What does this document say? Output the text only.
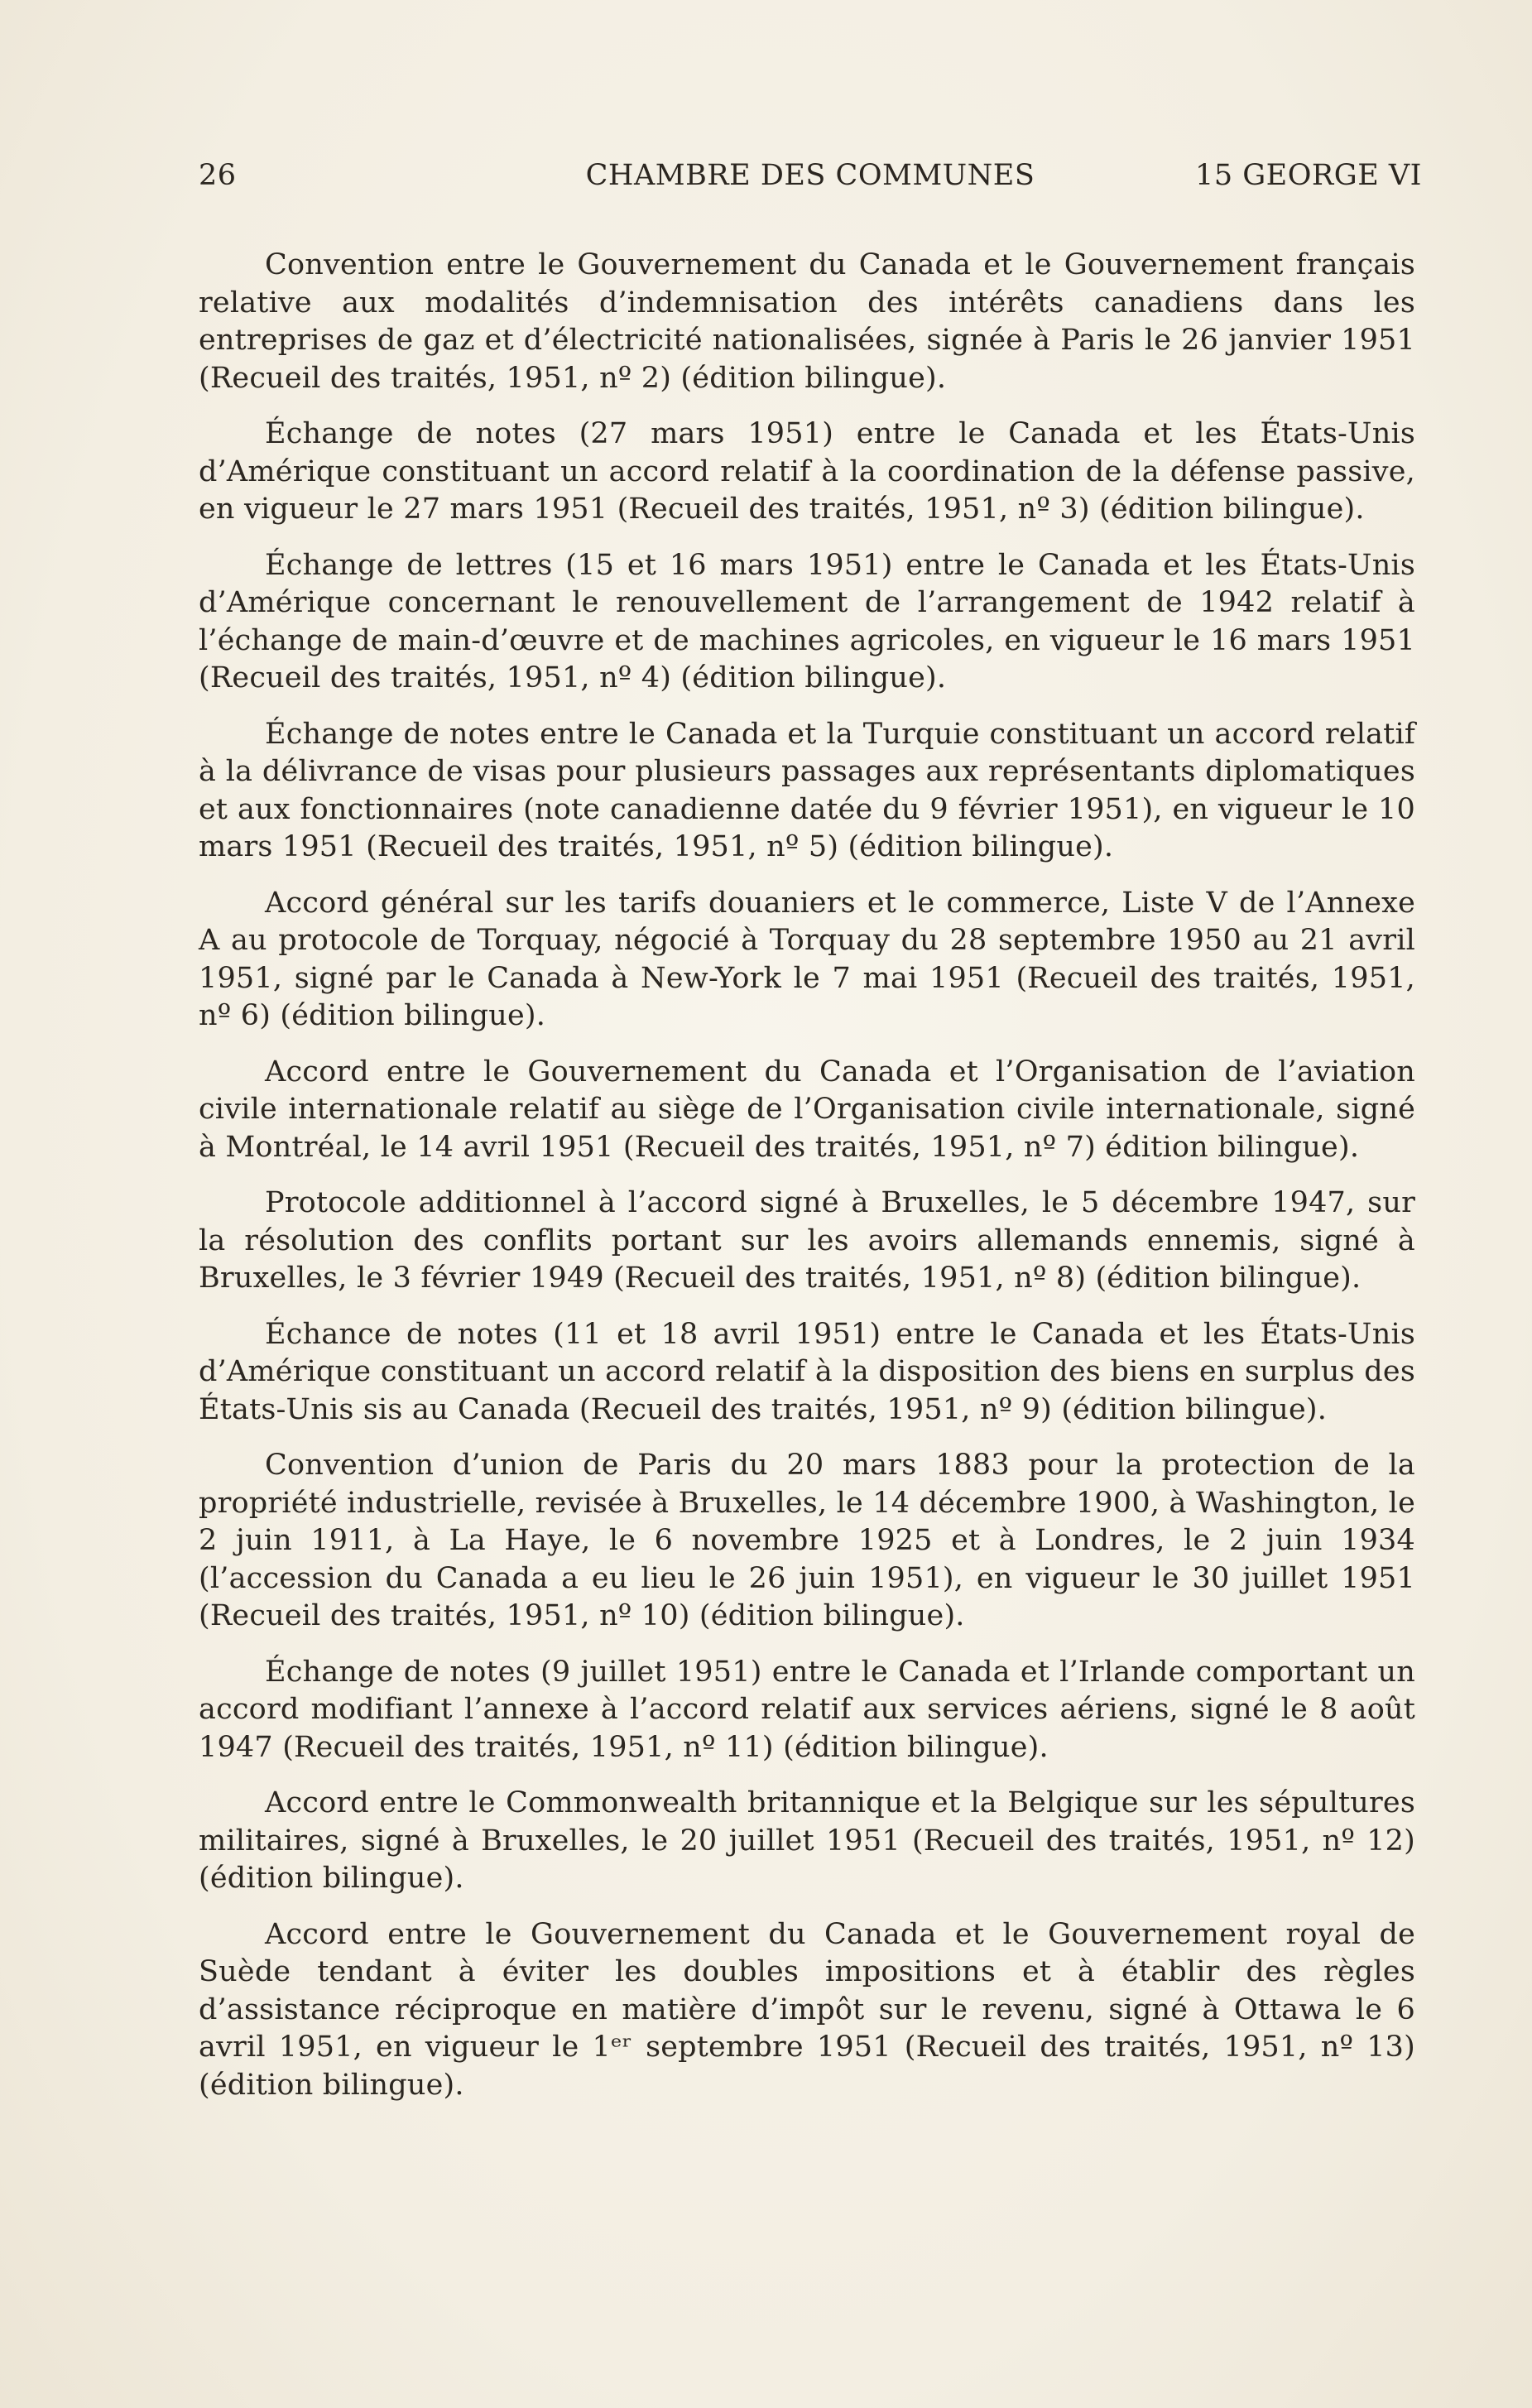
26	CHAMBRE DES COMMUNES	15 GEORGE VI

Convention entre le Gouvernement du Canada et le Gouvernement français relative aux modalités d’indemnisation des intérêts canadiens dans les entreprises de gaz et d’électricité nationalisées, signée à Paris le 26 janvier 1951 (Recueil des traités, 1951, nº 2) (édition bilingue).

Échange de notes (27 mars 1951) entre le Canada et les États-Unis d’Amérique constituant un accord relatif à la coordination de la défense passive, en vigueur le 27 mars 1951 (Recueil des traités, 1951, nº 3) (édition bilingue).

Échange de lettres (15 et 16 mars 1951) entre le Canada et les États-Unis d’Amérique concernant le renouvellement de l’arrangement de 1942 relatif à l’échange de main-d’œuvre et de machines agricoles, en vigueur le 16 mars 1951 (Recueil des traités, 1951, nº 4) (édition bilingue).

Échange de notes entre le Canada et la Turquie constituant un accord relatif à la délivrance de visas pour plusieurs passages aux représentants diplomatiques et aux fonctionnaires (note canadienne datée du 9 février 1951), en vigueur le 10 mars 1951 (Recueil des traités, 1951, nº 5) (édition bilingue).

Accord général sur les tarifs douaniers et le commerce, Liste V de l’Annexe A au protocole de Torquay, négocié à Torquay du 28 septembre 1950 au 21 avril 1951, signé par le Canada à New-York le 7 mai 1951 (Recueil des traités, 1951, nº 6) (édition bilingue).

Accord entre le Gouvernement du Canada et l’Organisation de l’aviation civile internationale relatif au siège de l’Organisation civile internationale, signé à Montréal, le 14 avril 1951 (Recueil des traités, 1951, nº 7) édition bilingue).

Protocole additionnel à l’accord signé à Bruxelles, le 5 décembre 1947, sur la résolution des conflits portant sur les avoirs allemands ennemis, signé à Bruxelles, le 3 février 1949 (Recueil des traités, 1951, nº 8) (édition bilingue).

Échance de notes (11 et 18 avril 1951) entre le Canada et les États-Unis d’Amérique constituant un accord relatif à la disposition des biens en surplus des États-Unis sis au Canada (Recueil des traités, 1951, nº 9) (édition bilingue).

Convention d’union de Paris du 20 mars 1883 pour la protection de la propriété industrielle, revisée à Bruxelles, le 14 décembre 1900, à Washington, le 2 juin 1911, à La Haye, le 6 novembre 1925 et à Londres, le 2 juin 1934 (l’accession du Canada a eu lieu le 26 juin 1951), en vigueur le 30 juillet 1951 (Recueil des traités, 1951, nº 10) (édition bilingue).

Échange de notes (9 juillet 1951) entre le Canada et l’Irlande comportant un accord modifiant l’annexe à l’accord relatif aux services aériens, signé le 8 août 1947 (Recueil des traités, 1951, nº 11) (édition bilingue).

Accord entre le Commonwealth britannique et la Belgique sur les sépultures militaires, signé à Bruxelles, le 20 juillet 1951 (Recueil des traités, 1951, nº 12) (édition bilingue).

Accord entre le Gouvernement du Canada et le Gouvernement royal de Suède tendant à éviter les doubles impositions et à établir des règles d’assistance réciproque en matière d’impôt sur le revenu, signé à Ottawa le 6 avril 1951, en vigueur le 1ᵉʳ septembre 1951 (Recueil des traités, 1951, nº 13) (édition bilingue).
